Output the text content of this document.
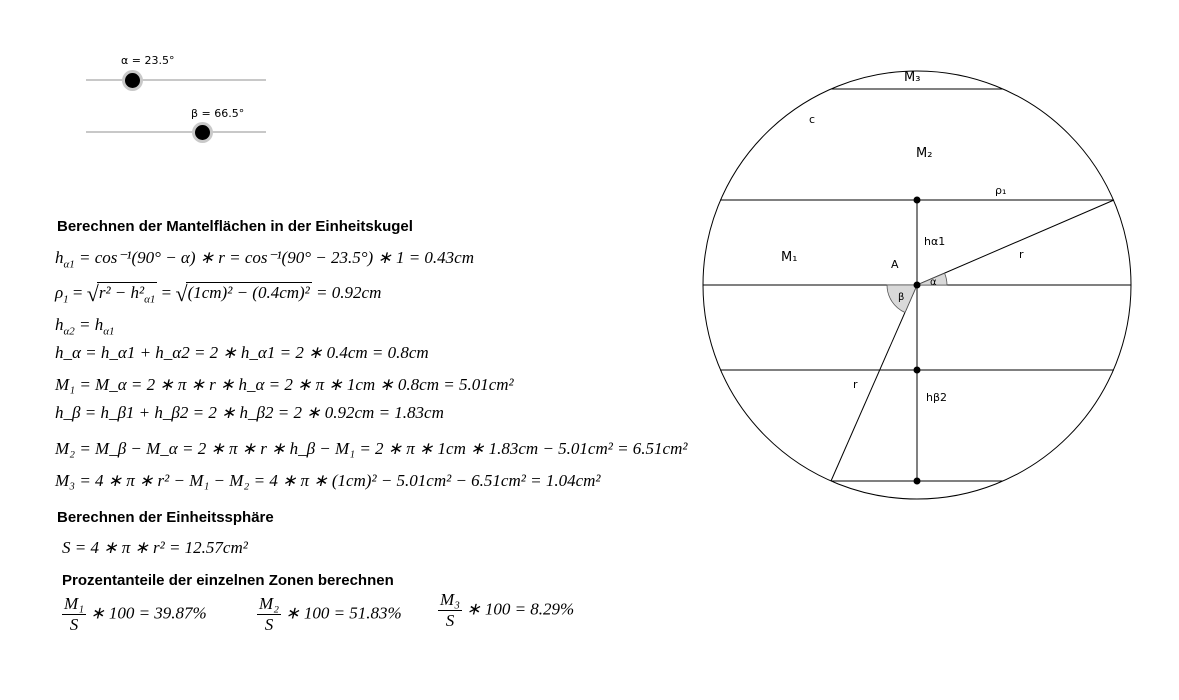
α = 23.5°
β = 66.5°
Berechnen der Mantelflächen in der Einheitskugel
Berechnen der Einheitssphäre
Prozentanteile der einzelnen Zonen berechnen
$h_{\alpha 1} = \cos^{-1}(90^\circ - \alpha)$ ∗ r = cos⁻¹(90° − 23.5°) ∗ 1 = 0.43cm
$\rho_1 = √r^2 - h^2_{\alpha 1} = √(1cm)^2 - (0.4cm)^2 = 0.92cm$
$h_{\alpha 2} = h_{\alpha 1}$
h_α = h_α1 + h_α2 = 2 ∗ h_α1 = 2 ∗ 0.4cm = 0.8cm
M₁ = M_α = 2 ∗ π ∗ r ∗ h_α = 2 ∗ π ∗ 1cm ∗ 0.8cm = 5.01cm²
h_β = h_β1 + h_β2 = 2 ∗ h_β2 = 2 ∗ 0.92cm = 1.83cm
M₂ = M_β − M_α = 2 ∗ π ∗ r ∗ h_β − M₁ = 2 ∗ π ∗ 1cm ∗ 1.83cm − 5.01cm² = 6.51cm²
M₃ = 4 ∗ π ∗ r² − M₁ − M₂ = 4 ∗ π ∗ (1cm)² − 5.01cm² − 6.51cm² = 1.04cm²
S = 4 ∗ π ∗ r² = 12.57cm²
$\frac{\text{M₁}}{S}$ ∗ 100 = 39.87%	$\frac{\text{M₂}}{S}$ ∗ $100 = 51.83\% \frac{\text{M₃}}{S}$ ∗ 100 = 8.29%
M₃
M₂
M₁
c
ρ₁
hα1
A
r
r
α
β
hβ2
